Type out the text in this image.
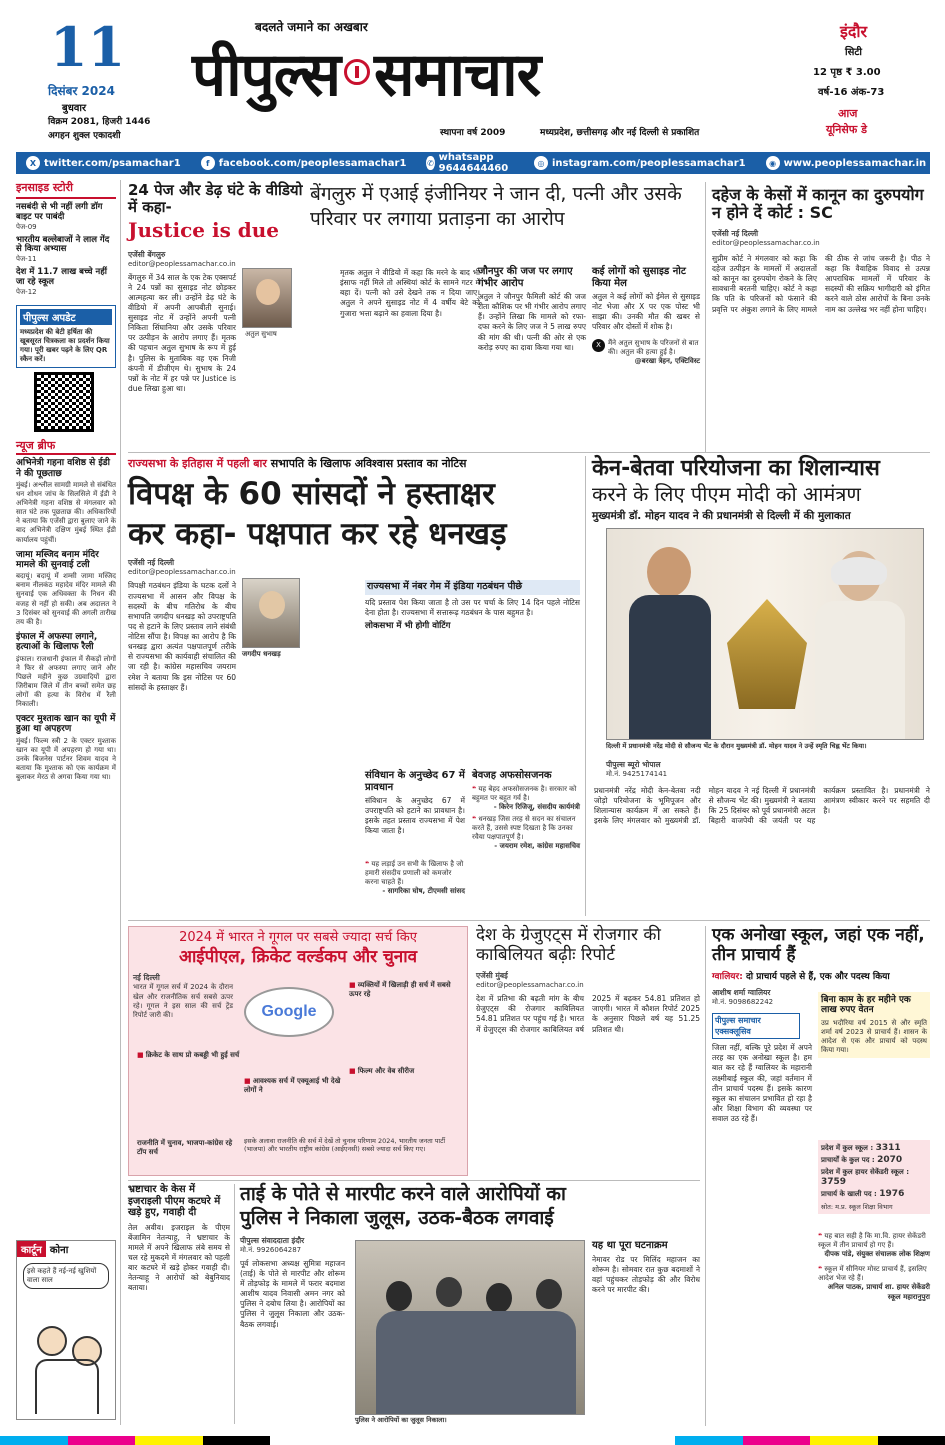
11
दिसंबर 2024
बुधवार
विक्रम 2081, हिजरी 1446
अगहन शुक्ल एकादशी
बदलते जमाने का अखबार
पीपुल्स समाचार
स्थापना वर्ष 2009	मध्यप्रदेश, छत्तीसगढ़ और नई दिल्ली से प्रकाशित
इंदौर
सिटी
12 पृष्ठ ₹ 3.00
वर्ष-16 अंक-73
आज
यूनिसेफ डे
X twitter.com/psamachar1	f facebook.com/peoplessamachar1	✆ whatsapp 9644644460	◎ instagram.com/peoplessamachar1	◉ www.peoplessamachar.in
इनसाइड स्टोरी
नसबंदी से भी नहीं लगी डॉग बाइट पर पाबंदी
पेज-09
भारतीय बल्लेबाजों ने लाल गेंद से किया अभ्यास
पेज-11
देश में 11.7 लाख बच्चे नहीं जा रहे स्कूल
पेज-12
पीपुल्स अपडेट
मध्यप्रदेश की बेटी हर्षिता की खूबसूरत चित्रकला का प्रदर्शन किया गया। पूरी खबर पढ़ने के लिए QR स्कैन करें।
न्यूज ब्रीफ
अभिनेत्री गहना वशिष्ठ से ईडी ने की पूछताछ
मुंबई। अश्लील सामग्री मामले से संबंधित धन शोधन जांच के सिलसिले में ईडी ने अभिनेत्री गहना वशिष्ठ से मंगलवार को सात घंटे तक पूछताछ की। अधिकारियों ने बताया कि एजेंसी द्वारा बुलाए जाने के बाद अभिनेत्री दक्षिण मुंबई स्थित ईडी कार्यालय पहुंचीं।
जामा मस्जिद बनाम मंदिर मामले की सुनवाई टली
बदायूं। बदायूं में शम्सी जामा मस्जिद बनाम नीलकंठ महादेव मंदिर मामले की सुनवाई एक अधिवक्ता के निधन की वजह से नहीं हो सकी। अब अदालत ने 3 दिसंबर को सुनवाई की अगली तारीख तय की है।
इंफाल में अफस्पा लगाने, हत्याओं के खिलाफ रैली
इंफाल। राजधानी इंफाल में सैकड़ों लोगों ने फिर से अफस्पा लगाए जाने और पिछले महीने कुछ उग्रवादियों द्वारा जिरीबाम जिले में तीन बच्चों समेत छह लोगों की हत्या के विरोध में रैली निकाली।
एक्टर मुश्ताक खान का यूपी में हुआ था अपहरण
मुंबई। फिल्म स्त्री 2 के एक्टर मुश्ताक खान का यूपी में अपहरण हो गया था। उनके बिजनेस पार्टनर शिवम यादव ने बताया कि मुश्ताक को एक कार्यक्रम में बुलाकर मेरठ से अगवा किया गया था।
कार्टून कोना
इसे कहते हैं नई-नई खुशियों वाला साल
24 पेज और डेढ़ घंटे के वीडियो में कहा-
Justice is due
एजेंसी बेंगलुरु
editor@peoplessamachar.co.in
बेंगलुरु में 34 साल के एक टेक एक्सपर्ट ने 24 पन्नों का सुसाइड नोट छोड़कर आत्महत्या कर ली। उन्होंने डेढ़ घंटे के वीडियो में अपनी आपबीती सुनाई। सुसाइड नोट में उन्होंने अपनी पत्नी निकिता सिंघानिया और उसके परिवार पर उत्पीड़न के आरोप लगाए हैं। मृतक की पहचान अतुल सुभाष के रूप में हुई है। पुलिस के मुताबिक वह एक निजी कंपनी में डीजीएम थे। सुभाष के 24 पन्नों के नोट में हर पन्ने पर Justice is due लिखा हुआ था।
अतुल सुभाष
बेंगलुरु में एआई इंजीनियर ने जान दी, पत्नी और उसके परिवार पर लगाया प्रताड़ना का आरोप
मृतक अतुल ने वीडियो में कहा कि मरने के बाद भी इंसाफ नहीं मिले तो अस्थियां कोर्ट के सामने गटर में बहा दें। पत्नी को उसे देखने तक न दिया जाए। अतुल ने अपने सुसाइड नोट में 4 वर्षीय बेटे को गुजारा भत्ता बढ़ाने का हवाला दिया है।
जौनपुर की जज पर लगाए गंभीर आरोप
अतुल ने जौनपुर फैमिली कोर्ट की जज रीता कौशिक पर भी गंभीर आरोप लगाए हैं। उन्होंने लिखा कि मामले को रफा-दफा करने के लिए जज ने 5 लाख रुपए की मांग की थी। पत्नी की ओर से एक करोड़ रुपए का दावा किया गया था।
कई लोगों को सुसाइड नोट किया मेल
अतुल ने कई लोगों को ईमेल से सुसाइड नोट भेजा और X पर एक पोस्ट भी साझा की। उनकी मौत की खबर से परिवार और दोस्तों में शोक है।
X	मैंने अतुल सुभाष के परिजनों से बात की। अतुल की हत्या हुई है।
@बरखा त्रेहन, एक्टिविस्ट
दहेज के केसों में कानून का दुरुपयोग न होने दें कोर्ट : SC
एजेंसी नई दिल्ली
editor@peoplessamachar.co.in
सुप्रीम कोर्ट ने मंगलवार को कहा कि दहेज उत्पीड़न के मामलों में अदालतों को कानून का दुरुपयोग रोकने के लिए सावधानी बरतनी चाहिए। कोर्ट ने कहा कि पति के परिजनों को फंसाने की प्रवृत्ति पर अंकुश लगाने के लिए मामले की ठीक से जांच जरूरी है। पीठ ने कहा कि वैवाहिक विवाद से उत्पन्न आपराधिक मामलों में परिवार के सदस्यों की सक्रिय भागीदारी को इंगित करने वाले ठोस आरोपों के बिना उनके नाम का उल्लेख भर नहीं होना चाहिए।
राज्यसभा के इतिहास में पहली बार सभापति के खिलाफ अविश्वास प्रस्ताव का नोटिस
विपक्ष के 60 सांसदों ने हस्ताक्षर
कर कहा- पक्षपात कर रहे धनखड़
एजेंसी नई दिल्ली
editor@peoplessamachar.co.in
विपक्षी गठबंधन इंडिया के घटक दलों ने राज्यसभा में आसन और विपक्ष के सदस्यों के बीच गतिरोध के बीच सभापति जगदीप धनखड़ को उपराष्ट्रपति पद से हटाने के लिए प्रस्ताव लाने संबंधी नोटिस सौंपा है। विपक्ष का आरोप है कि धनखड़ द्वारा अत्यंत पक्षपातपूर्ण तरीके से राज्यसभा की कार्यवाही संचालित की जा रही है। कांग्रेस महासचिव जयराम रमेश ने बताया कि इस नोटिस पर 60 सांसदों के हस्ताक्षर हैं।
जगदीप धनखड़
राज्यसभा में नंबर गेम में इंडिया गठबंधन पीछे
यदि प्रस्ताव पेश किया जाता है तो उस पर चर्चा के लिए 14 दिन पहले नोटिस देना होता है। राज्यसभा में सत्तारूढ़ गठबंधन के पास बहुमत है।
लोकसभा में भी होगी वोटिंग
संविधान के अनुच्छेद 67 में प्रावधान
संविधान के अनुच्छेद 67 में उपराष्ट्रपति को हटाने का प्रावधान है। इसके तहत प्रस्ताव राज्यसभा में पेश किया जाता है।
बेवजह अफसोसजनक
❝ यह बेहद अफसोसजनक है। सरकार को बहुमत पर बहुत गर्व है।
- किरेन रिजिजू, संसदीय कार्यमंत्री
❝ धनखड़ जिस तरह से सदन का संचालन करते हैं, उससे स्पष्ट दिखता है कि उनका रवैया पक्षपातपूर्ण है।
- जयराम रमेश, कांग्रेस महासचिव
❝ यह लड़ाई उन सभी के खिलाफ है जो हमारी संसदीय प्रणाली को कमजोर करना चाहते हैं।
- सागरिका घोष, टीएमसी सांसद
केन-बेतवा परियोजना का शिलान्यास
करने के लिए पीएम मोदी को आमंत्रण
मुख्यमंत्री डॉ. मोहन यादव ने की प्रधानमंत्री से दिल्ली में की मुलाकात
दिल्ली में प्रधानमंत्री नरेंद्र मोदी से सौजन्य भेंट के दौरान मुख्यमंत्री डॉ. मोहन यादव ने उन्हें स्मृति चिह्न भेंट किया।
पीपुल्स ब्यूरो भोपाल
मो.नं. 9425174141
प्रधानमंत्री नरेंद्र मोदी केन-बेतवा नदी जोड़ो परियोजना के भूमिपूजन और शिलान्यास कार्यक्रम में आ सकते हैं। इसके लिए मंगलवार को मुख्यमंत्री डॉ. मोहन यादव ने नई दिल्ली में प्रधानमंत्री से सौजन्य भेंट की। मुख्यमंत्री ने बताया कि 25 दिसंबर को पूर्व प्रधानमंत्री अटल बिहारी वाजपेयी की जयंती पर यह कार्यक्रम प्रस्तावित है। प्रधानमंत्री ने आमंत्रण स्वीकार करने पर सहमति दी है।
2024 में भारत ने गूगल पर सबसे ज्यादा सर्च किए
आईपीएल, क्रिकेट वर्ल्डकप और चुनाव
नई दिल्ली
भारत में गूगल सर्च में 2024 के दौरान खेल और राजनीतिक सर्च सबसे ऊपर रहे। गूगल ने इस साल की सर्च ट्रेंड रिपोर्ट जारी की।	Google
■ व्यक्तियों में खिलाड़ी ही सर्च में सबसे ऊपर रहे
■ क्रिकेट के साथ प्रो कबड्डी भी हुई सर्च
■ आवश्यक सर्च में एक्यूआई भी देखे लोगों ने
■ फिल्म और वेब सीरीज
राजनीति में चुनाव, भाजपा-कांग्रेस रहे टॉप सर्च
इसके अलावा राजनीति की सर्च में देखें तो चुनाव परिणाम 2024, भारतीय जनता पार्टी (भाजपा) और भारतीय राष्ट्रीय कांग्रेस (आईएनसी) सबसे ज्यादा सर्च किए गए।
देश के ग्रेजुएट्स में रोजगार की काबिलियत बढ़ीः रिपोर्ट
एजेंसी मुंबई
editor@peoplessamachar.co.in
देश में प्रतिभा की बढ़ती मांग के बीच ग्रेजुएट्स की रोजगार काबिलियत 54.81 प्रतिशत पर पहुंच गई है। भारत में ग्रेजुएट्स की रोजगार काबिलियत वर्ष 2025 में बढ़कर 54.81 प्रतिशत हो जाएगी। भारत में कौशल रिपोर्ट 2025 के अनुसार पिछले वर्ष यह 51.25 प्रतिशत थी।
एक अनोखा स्कूल, जहां एक नहीं, तीन प्राचार्य हैं
ग्वालियर: दो प्राचार्य पहले से हैं, एक और पदस्थ किया
आशीष शर्मा ग्वालियर
मो.नं. 9098682242
पीपुल्स समाचार एक्सक्लूसिव
जिला नहीं, बल्कि पूरे प्रदेश में अपने तरह का एक अनोखा स्कूल है। हम बात कर रहे हैं ग्वालियर के महारानी लक्ष्मीबाई स्कूल की, जहां वर्तमान में तीन प्राचार्य पदस्थ हैं। इसके कारण स्कूल का संचालन प्रभावित हो रहा है और शिक्षा विभाग की व्यवस्था पर सवाल उठ रहे हैं।
बिना काम के हर महीने एक लाख रुपए वेतन
उप्र भदौरिया वर्ष 2015 से और स्मृति शर्मा वर्ष 2023 से प्राचार्य हैं। शासन के आदेश से एक और प्राचार्य को पदस्थ किया गया।
प्रदेश में कुल स्कूल : 3311
प्राचार्यों के कुल पद : 2070
प्रदेश में कुल हायर सेकेंडरी स्कूल : 3759
प्राचार्य के खाली पद : 1976
स्रोत: म.प्र. स्कूल शिक्षा विभाग
❝ यह बात सही है कि मा.वि. हायर सेकेंडरी स्कूल में तीन प्राचार्य हो गए हैं।
दीपक पांडे, संयुक्त संचालक लोक शिक्षण
❝ स्कूल में सीनियर मोस्ट प्राचार्य हैं, इसलिए आदेश भेज रहे हैं।
अनिल पाठक, प्राचार्य शा. हायर सेकेंडरी स्कूल महारानुपुरा
भ्रष्टाचार के केस में इजराइली पीएम कटघरे में खड़े हुए, गवाही दी
तेल अवीव। इजराइल के पीएम बेंजामिन नेतन्याहू, ने भ्रष्टाचार के मामले में अपने खिलाफ लंबे समय से चल रहे मुकदमे में मंगलवार को पहली बार कटघरे में खड़े होकर गवाही दी। नेतन्याहू ने आरोपों को बेबुनियाद बताया।
ताई के पोते से मारपीट करने वाले आरोपियों का
पुलिस ने निकाला जुलूस, उठक-बैठक लगवाई
पीपुल्स संवाददाता इंदौर
मो.नं. 9926064287
पूर्व लोकसभा अध्यक्ष सुमित्रा महाजन (ताई) के पोते से मारपीट और शोरूम में तोड़फोड़ के मामले में फरार बदमाश आशीष यादव निवासी अमन नगर को पुलिस ने दबोच लिया है। आरोपियों का पुलिस ने जुलूस निकाला और उठक-बैठक लगवाई।
पुलिस ने आरोपियों का जुलूस निकाला।
यह था पूरा घटनाक्रम
नेमावर रोड पर मिलिंद महाजन का शोरूम है। सोमवार रात कुछ बदमाशों ने वहां पहुंचकर तोड़फोड़ की और विरोध करने पर मारपीट की।
